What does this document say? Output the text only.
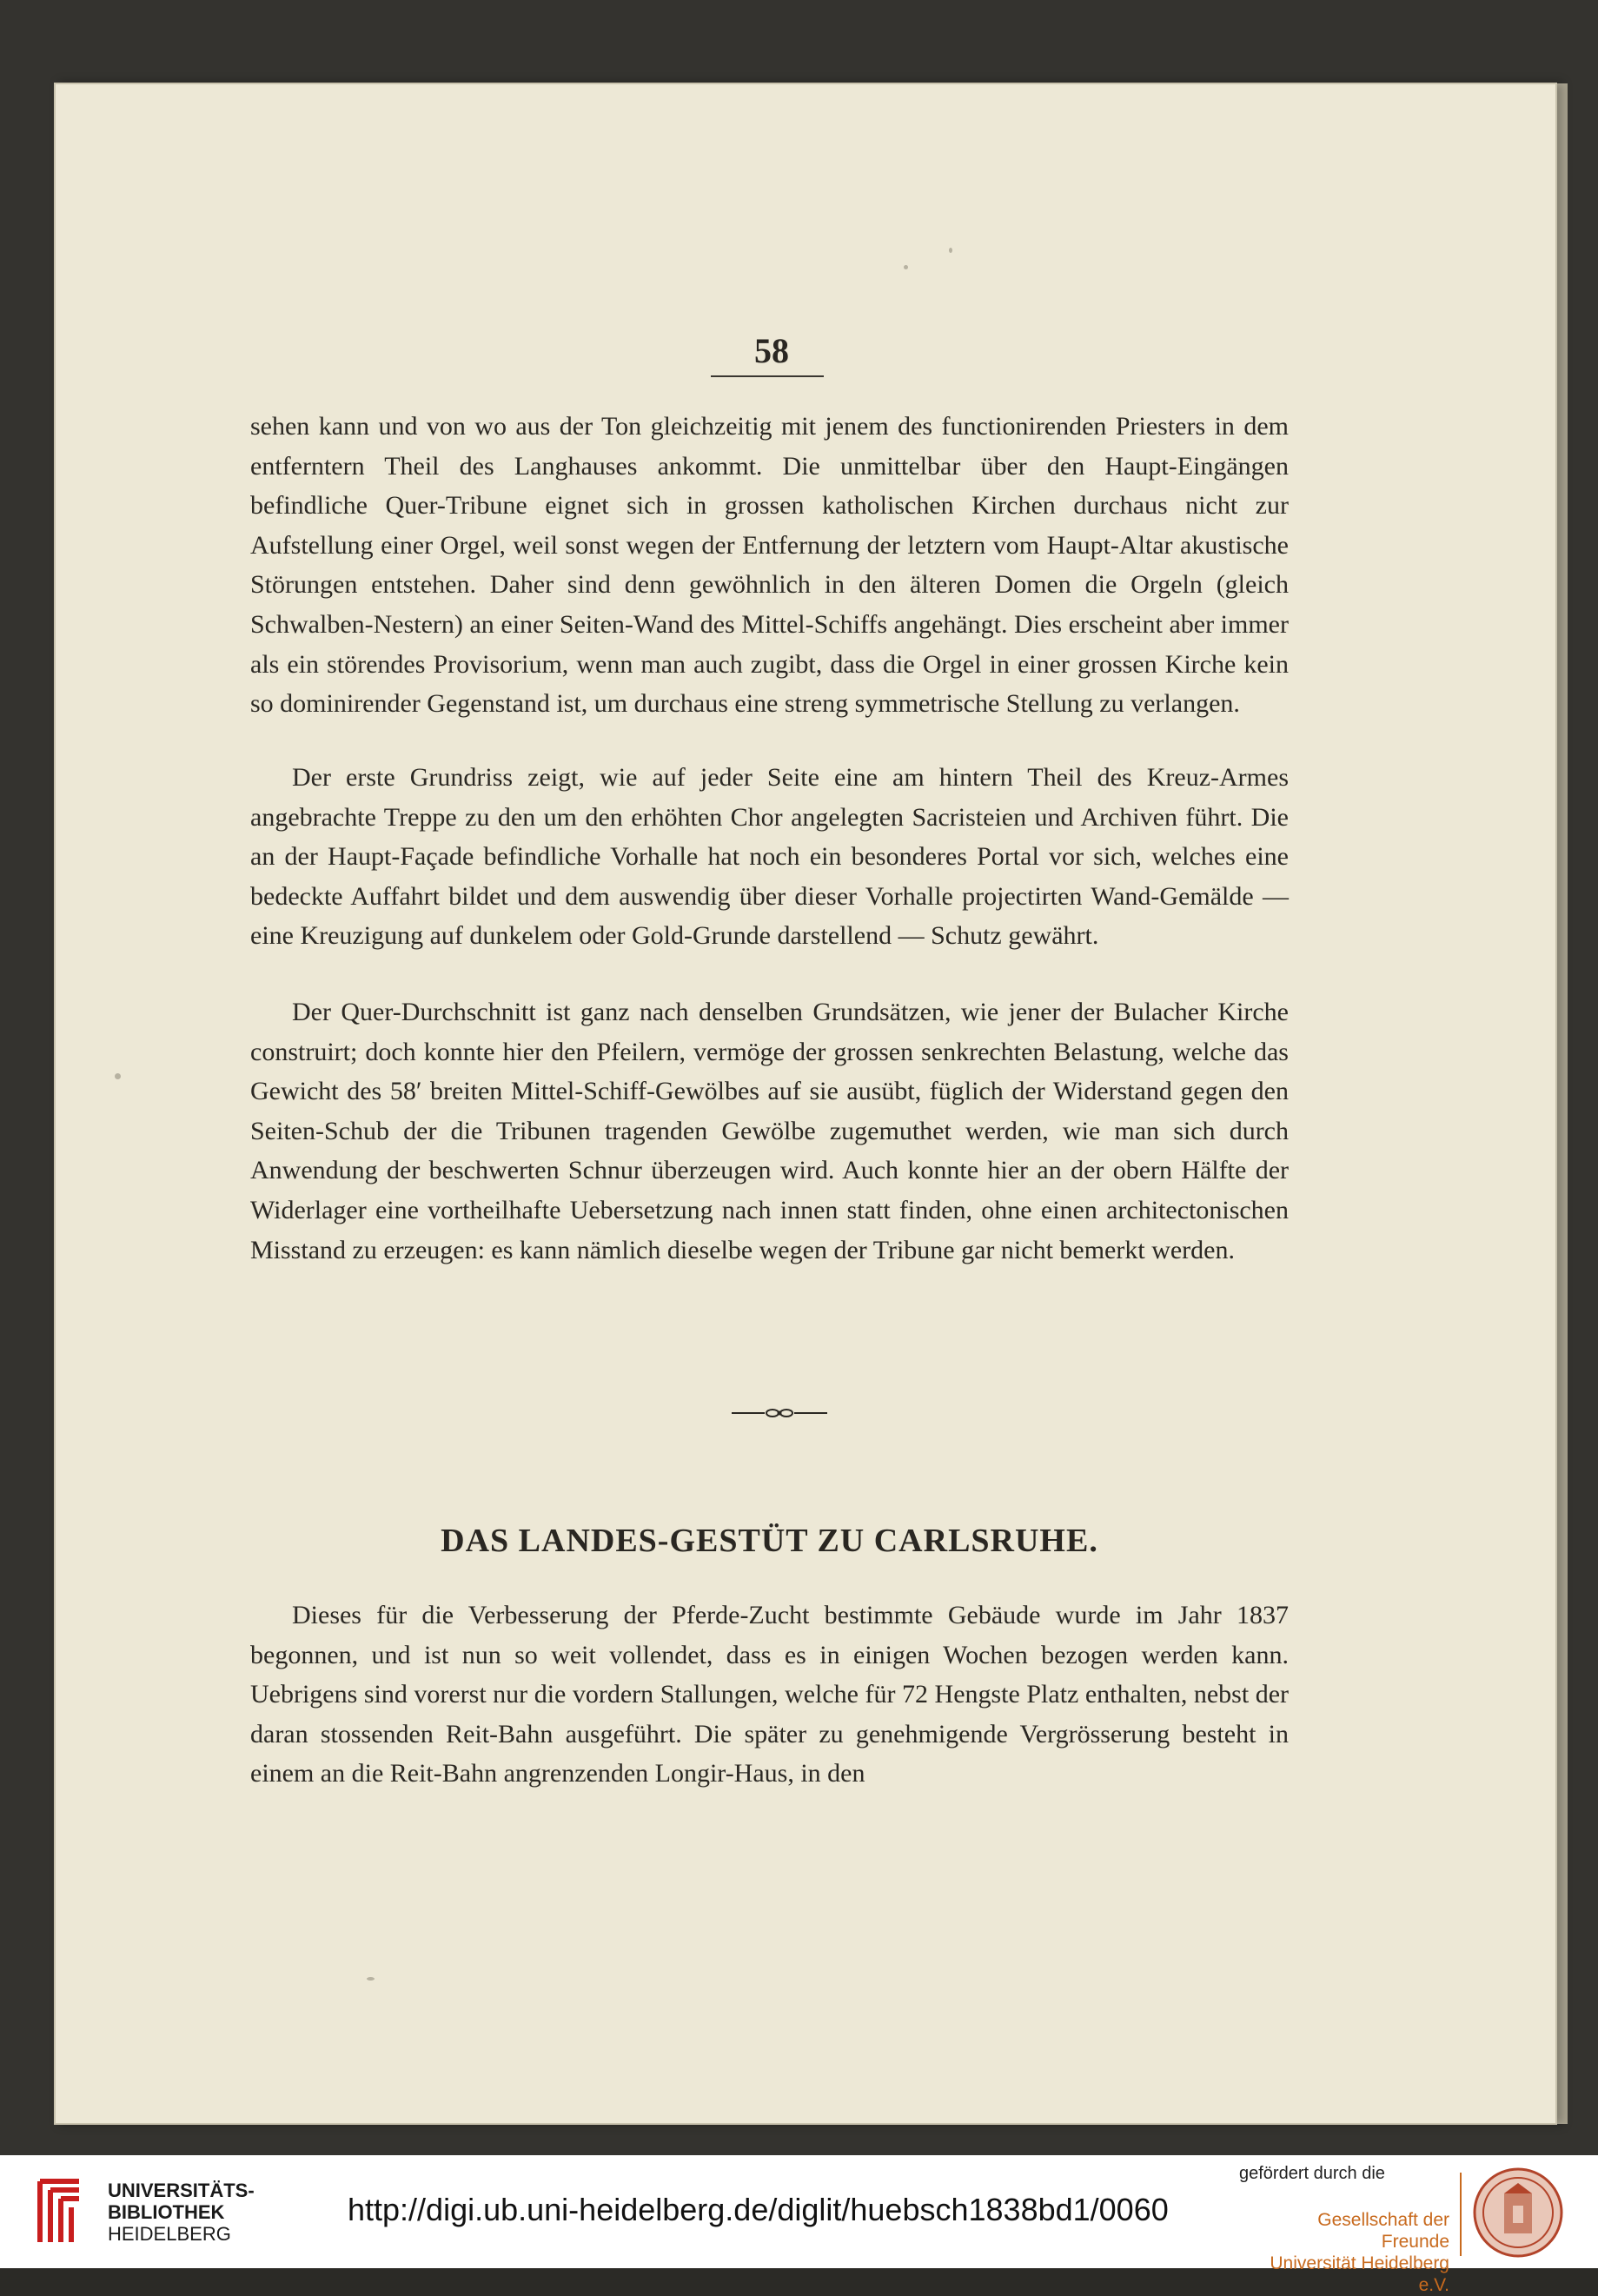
58

sehen kann und von wo aus der Ton gleichzeitig mit jenem des functionirenden Priesters in dem entferntern Theil des Langhauses ankommt. Die unmittelbar über den Haupt-Eingängen befindliche Quer-Tribune eignet sich in grossen katholischen Kirchen durchaus nicht zur Aufstellung einer Orgel, weil sonst wegen der Entfernung der letztern vom Haupt-Altar akustische Störungen entstehen. Daher sind denn gewöhnlich in den älteren Domen die Orgeln (gleich Schwalben-Nestern) an einer Seiten-Wand des Mittel-Schiffs angehängt. Dies erscheint aber immer als ein störendes Provisorium, wenn man auch zugibt, dass die Orgel in einer grossen Kirche kein so dominirender Gegenstand ist, um durchaus eine streng symmetrische Stellung zu verlangen.

Der erste Grundriss zeigt, wie auf jeder Seite eine am hintern Theil des Kreuz-Armes angebrachte Treppe zu den um den erhöhten Chor angelegten Sacristeien und Archiven führt. Die an der Haupt-Façade befindliche Vorhalle hat noch ein besonderes Portal vor sich, welches eine bedeckte Auffahrt bildet und dem auswendig über dieser Vorhalle projectirten Wand-Gemälde — eine Kreuzigung auf dunkelem oder Gold-Grunde darstellend — Schutz gewährt.

Der Quer-Durchschnitt ist ganz nach denselben Grundsätzen, wie jener der Bulacher Kirche construirt; doch konnte hier den Pfeilern, vermöge der grossen senkrechten Belastung, welche das Gewicht des 58′ breiten Mittel-Schiff-Gewölbes auf sie ausübt, füglich der Widerstand gegen den Seiten-Schub der die Tribunen tragenden Gewölbe zugemuthet werden, wie man sich durch Anwendung der beschwerten Schnur überzeugen wird. Auch konnte hier an der obern Hälfte der Widerlager eine vortheilhafte Uebersetzung nach innen statt finden, ohne einen architectonischen Misstand zu erzeugen: es kann nämlich dieselbe wegen der Tribune gar nicht bemerkt werden.

DAS LANDES-GESTÜT ZU CARLSRUHE.

Dieses für die Verbesserung der Pferde-Zucht bestimmte Gebäude wurde im Jahr 1837 begonnen, und ist nun so weit vollendet, dass es in einigen Wochen bezogen werden kann. Uebrigens sind vorerst nur die vordern Stallungen, welche für 72 Hengste Platz enthalten, nebst der daran stossenden Reit-Bahn ausgeführt. Die später zu genehmigende Vergrösserung besteht in einem an die Reit-Bahn angrenzenden Longir-Haus, in den

UNIVERSITÄTS-
BIBLIOTHEK
HEIDELBERG
http://digi.ub.uni-heidelberg.de/diglit/huebsch1838bd1/0060
gefördert durch die
Gesellschaft der Freunde
Universität Heidelberg e.V.
